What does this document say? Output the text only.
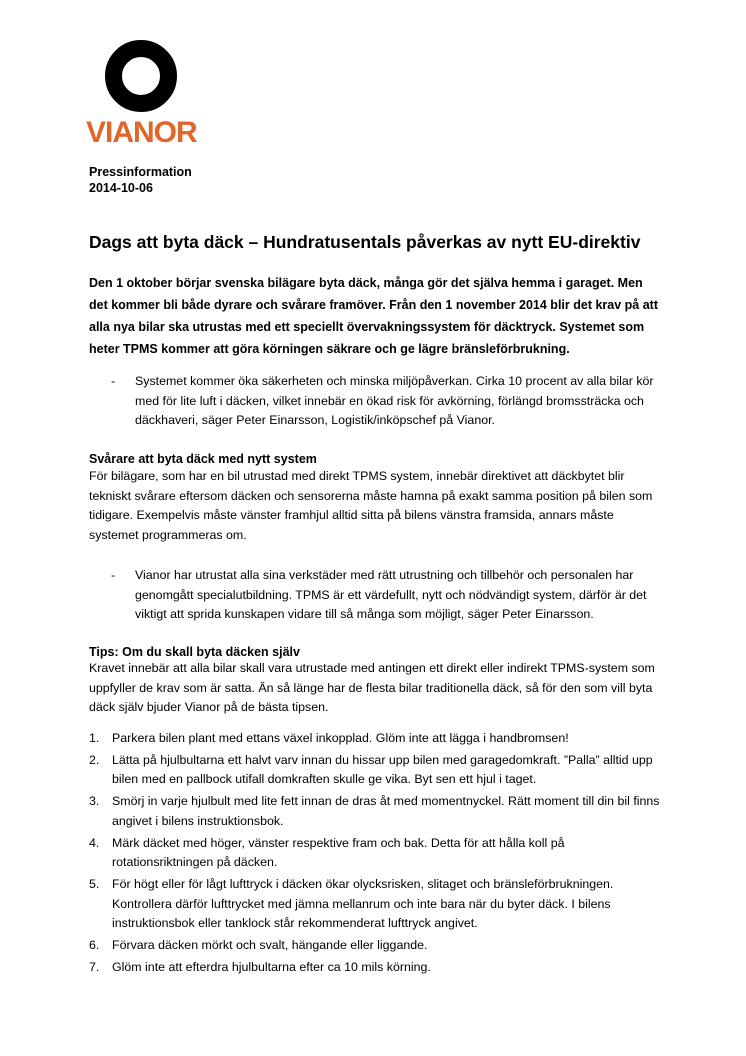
VIANOR
Pressinformation
2014-10-06
Dags att byta däck – Hundratusentals påverkas av nytt EU-direktiv

Den 1 oktober börjar svenska bilägare byta däck, många gör det själva hemma i garaget. Men det kommer bli både dyrare och svårare framöver. Från den 1 november 2014 blir det krav på att alla nya bilar ska utrustas med ett speciellt övervakningssystem för däcktryck. Systemet som heter TPMS kommer att göra körningen säkrare och ge lägre bränsleförbrukning.

- Systemet kommer öka säkerheten och minska miljöpåverkan. Cirka 10 procent av alla bilar kör med för lite luft i däcken, vilket innebär en ökad risk för avkörning, förlängd bromssträcka och däckhaveri, säger Peter Einarsson, Logistik/inköpschef på Vianor.
Svårare att byta däck med nytt system

För bilägare, som har en bil utrustad med direkt TPMS system, innebär direktivet att däckbytet blir tekniskt svårare eftersom däcken och sensorerna måste hamna på exakt samma position på bilen som tidigare. Exempelvis måste vänster framhjul alltid sitta på bilens vänstra framsida, annars måste systemet programmeras om.

- Vianor har utrustat alla sina verkstäder med rätt utrustning och tillbehör och personalen har genomgått specialutbildning. TPMS är ett värdefullt, nytt och nödvändigt system, därför är det viktigt att sprida kunskapen vidare till så många som möjligt, säger Peter Einarsson.
Tips: Om du skall byta däcken själv

Kravet innebär att alla bilar skall vara utrustade med antingen ett direkt eller indirekt TPMS-system som uppfyller de krav som är satta. Än så länge har de flesta bilar traditionella däck, så för den som vill byta däck själv bjuder Vianor på de bästa tipsen.

1. Parkera bilen plant med ettans växel inkopplad. Glöm inte att lägga i handbromsen!
2. Lätta på hjulbultarna ett halvt varv innan du hissar upp bilen med garagedomkraft. ”Palla” alltid upp bilen med en pallbock utifall domkraften skulle ge vika. Byt sen ett hjul i taget.
3. Smörj in varje hjulbult med lite fett innan de dras åt med momentnyckel. Rätt moment till din bil finns angivet i bilens instruktionsbok.
4. Märk däcket med höger, vänster respektive fram och bak. Detta för att hålla koll på rotationsriktningen på däcken.
5. För högt eller för lågt lufttryck i däcken ökar olycksrisken, slitaget och bränsleförbrukningen. Kontrollera därför lufttrycket med jämna mellanrum och inte bara när du byter däck. I bilens instruktionsbok eller tanklock står rekommenderat lufttryck angivet.
6. Förvara däcken mörkt och svalt, hängande eller liggande.
7. Glöm inte att efterdra hjulbultarna efter ca 10 mils körning.
